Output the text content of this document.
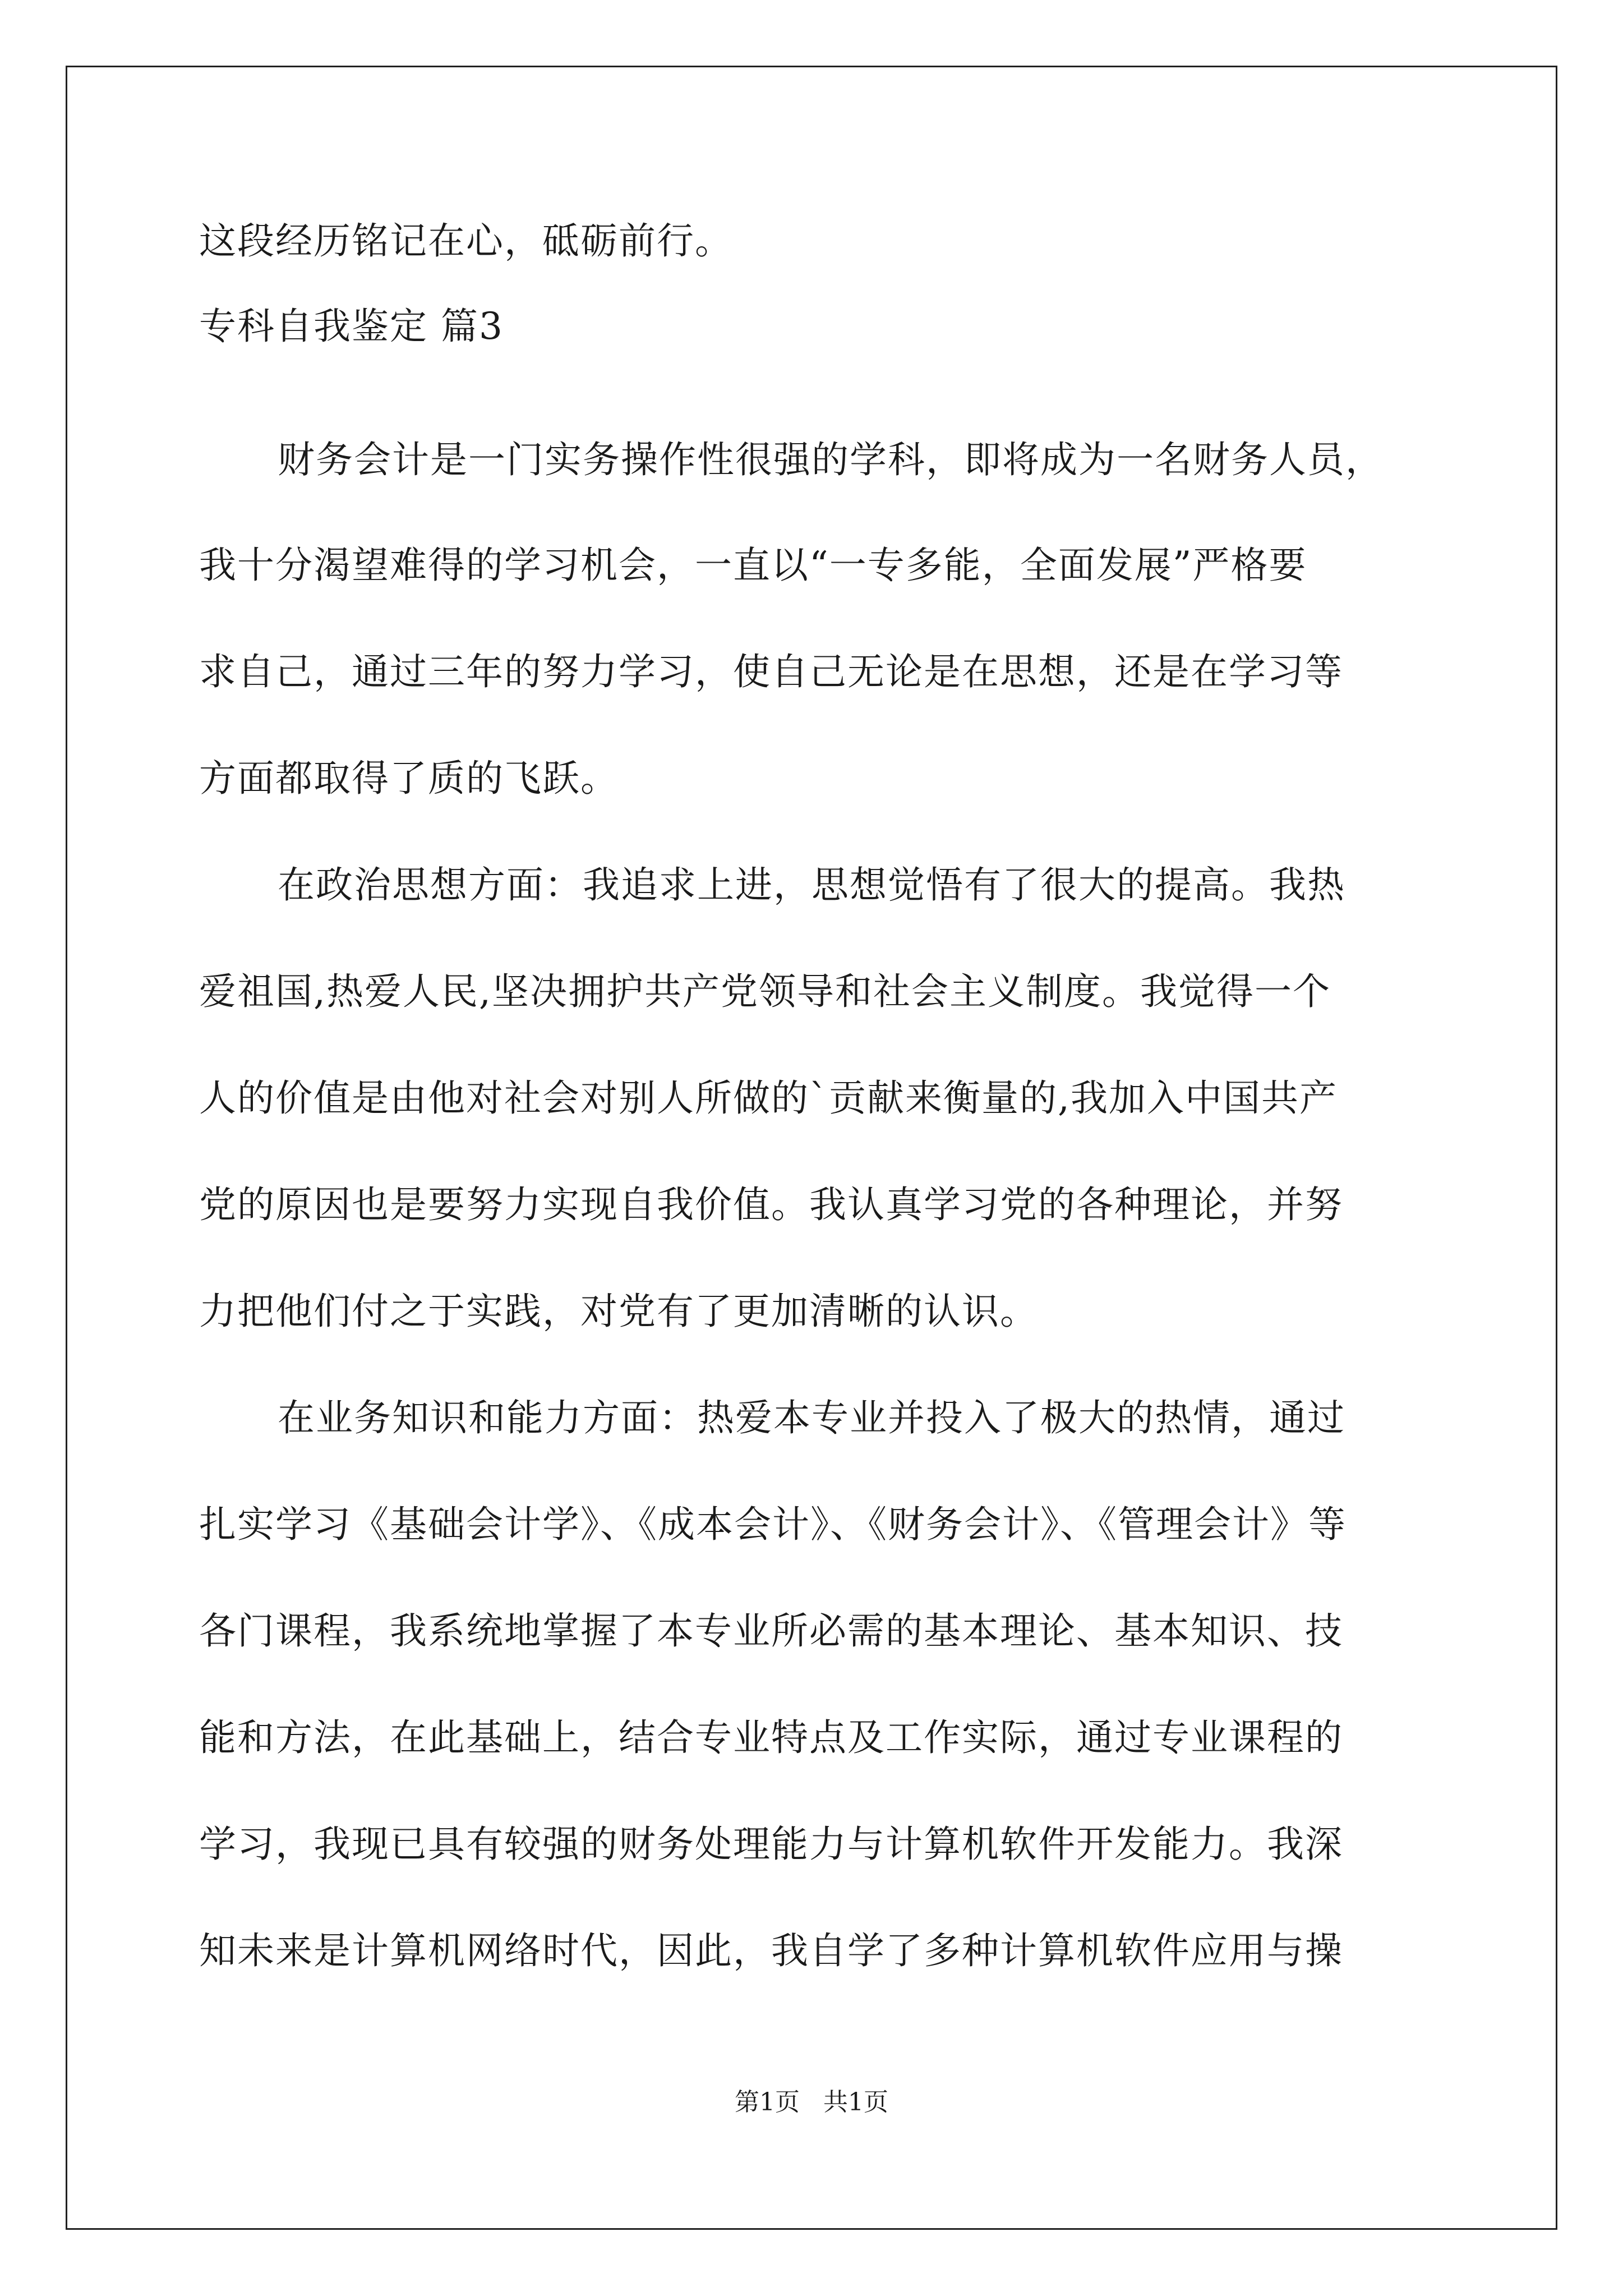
这段经历铭记在心，砥砺前行。
专科自我鉴定 篇3
财务会计是一门实务操作性很强的学科，即将成为一名财务人员，
我十分渴望难得的学习机会，一直以“一专多能，全面发展”严格要
求自己，通过三年的努力学习，使自己无论是在思想，还是在学习等
方面都取得了质的飞跃。
在政治思想方面：我追求上进，思想觉悟有了很大的提高。我热
爱祖国,热爱人民,坚决拥护共产党领导和社会主义制度。我觉得一个
人的价值是由他对社会对别人所做的`贡献来衡量的,我加入中国共产
党的原因也是要努力实现自我价值。我认真学习党的各种理论，并努
力把他们付之于实践，对党有了更加清晰的认识。
在业务知识和能力方面：热爱本专业并投入了极大的热情，通过
扎实学习《基础会计学》、《成本会计》、《财务会计》、《管理会计》等
各门课程，我系统地掌握了本专业所必需的基本理论、基本知识、技
能和方法，在此基础上，结合专业特点及工作实际，通过专业课程的
学习，我现已具有较强的财务处理能力与计算机软件开发能力。我深
知未来是计算机网络时代，因此，我自学了多种计算机软件应用与操
第1页   共1页
